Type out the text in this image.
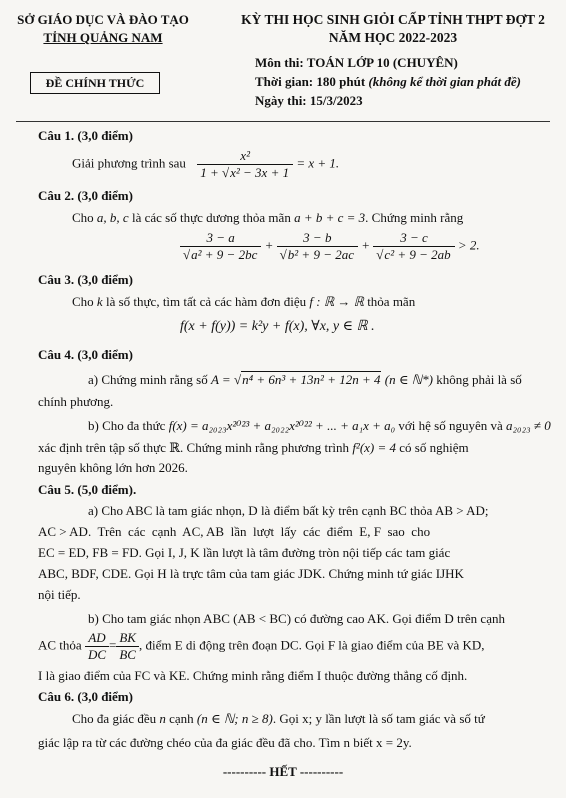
SỞ GIÁO DỤC VÀ ĐÀO TẠO
TỈNH QUẢNG NAM
ĐỀ CHÍNH THỨC
KỲ THI HỌC SINH GIỎI CẤP TỈNH THPT ĐỢT 2
NĂM HỌC 2022-2023
Môn thi: TOÁN LỚP 10 (CHUYÊN)
Thời gian: 180 phút (không kể thời gian phát đề)
Ngày thi: 15/3/2023
Câu 1. (3,0 điểm)
Giải phương trình sau $\frac{\text{x²}}{\text{1 + √x² − 3x + 1}} = x + 1$.
Câu 2. (3,0 điểm)
Cho a, b, c là các số thực dương thỏa mãn a + b + c = 3. Chứng minh rằng
$\frac{3 - a}{\text{√a² + 9 − 2bc}} + \frac{3 - b}{\text{√b² + 9 − 2ac}} + \frac{3 - c}{\text{√c² + 9 − 2ab}} > 2$.
Câu 3. (3,0 điểm)
Cho k là số thực, tìm tất cả các hàm đơn điệu f : ℝ → ℝ thỏa mãn
f(x + f(y)) = k²y + f(x), ∀x, y ∈ ℝ .
Câu 4. (3,0 điểm)
a) Chứng minh rằng số A = √n⁴ + 6n³ + 13n² + 12n + 4 (n ∈ ℕ*) không phải là số
chính phương.
b) Cho đa thức f(x) = a₂₀₂₃x²⁰²³ + a₂₀₂₂x²⁰²² + ... + a₁x + a₀ với hệ số nguyên và a₂₀₂₃ ≠ 0
xác định trên tập số thực ℝ. Chứng minh rằng phương trình f²(x) = 4 có số nghiệm
nguyên không lớn hơn 2026.
Câu 5. (5,0 điểm).
a) Cho ABC là tam giác nhọn, D là điểm bất kỳ trên cạnh BC thỏa AB > AD;
AC > AD.  Trên  các  cạnh  AC, AB  lần  lượt  lấy  các  điểm  E, F  sao  cho
EC = ED, FB = FD. Gọi I, J, K lần lượt là tâm đường tròn nội tiếp các tam giác
ABC, BDF, CDE. Gọi H là trực tâm của tam giác JDK. Chứng minh tứ giác IJHK
nội tiếp.
b) Cho tam giác nhọn ABC (AB < BC) có đường cao AK. Gọi điểm D trên cạnh
AC thỏa $\frac{AD}{DC} = \frac{BK}{BC}$ , điểm E di động trên đoạn DC. Gọi F là giao điểm của BE và KD,
I là giao điểm của FC và KE. Chứng minh rằng điểm I thuộc đường thẳng cố định.
Câu 6. (3,0 điểm)
Cho đa giác đều n cạnh (n ∈ ℕ; n ≥ 8). Gọi x; y lần lượt là số tam giác và số tứ
giác lập ra từ các đường chéo của đa giác đều đã cho. Tìm n biết x = 2y.
---------- HẾT ----------
